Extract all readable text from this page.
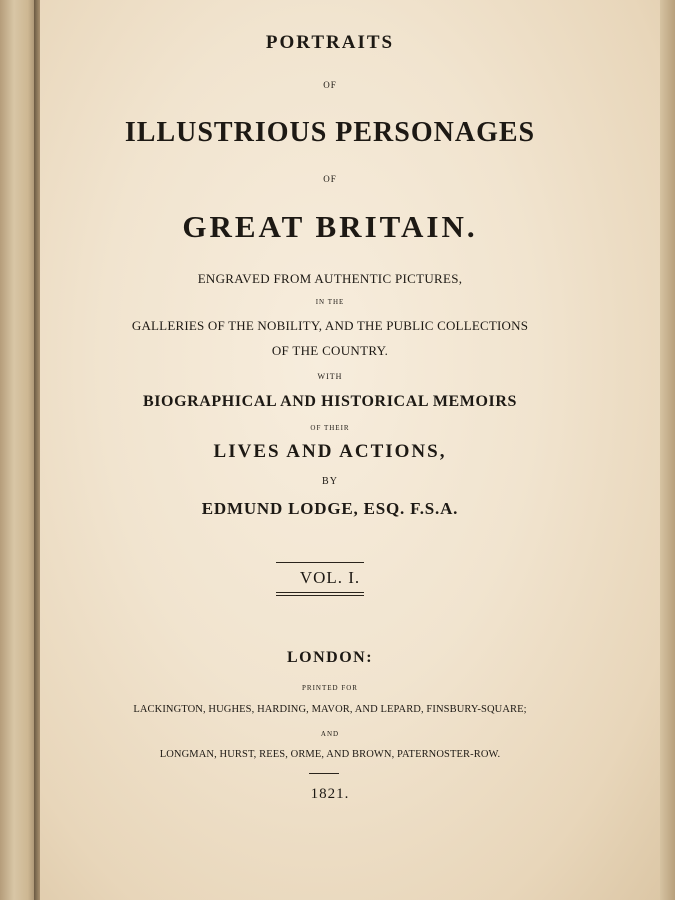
PORTRAITS

OF

ILLUSTRIOUS PERSONAGES

OF

GREAT BRITAIN.

ENGRAVED FROM AUTHENTIC PICTURES,

IN THE

GALLERIES OF THE NOBILITY, AND THE PUBLIC COLLECTIONS

OF THE COUNTRY.

WITH

BIOGRAPHICAL AND HISTORICAL MEMOIRS

OF THEIR

LIVES AND ACTIONS,

BY

EDMUND LODGE, ESQ. F.S.A.

VOL. I.

LONDON:

PRINTED FOR

LACKINGTON, HUGHES, HARDING, MAVOR, AND LEPARD, FINSBURY-SQUARE;

AND

LONGMAN, HURST, REES, ORME, AND BROWN, PATERNOSTER-ROW.

1821.
